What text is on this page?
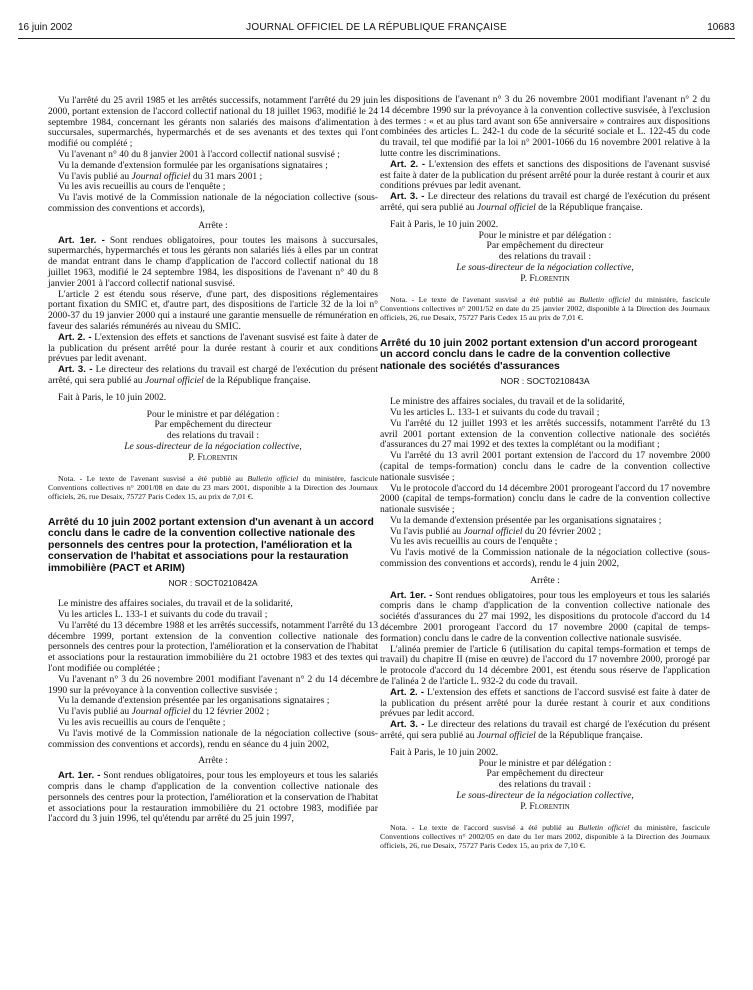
16 juin 2002	JOURNAL OFFICIEL DE LA RÉPUBLIQUE FRANÇAISE	10683

Vu l'arrêté du 25 avril 1985 et les arrêtés successifs, notamment l'arrêté du 29 juin 2000, portant extension de l'accord collectif national du 18 juillet 1963, modifié le 24 septembre 1984, concernant les gérants non salariés des maisons d'alimentation à succursales, supermarchés, hypermarchés et de ses avenants et des textes qui l'ont modifié ou complété ;

Vu l'avenant n° 40 du 8 janvier 2001 à l'accord collectif national susvisé ;

Vu la demande d'extension formulée par les organisations signataires ;

Vu l'avis publié au Journal officiel du 31 mars 2001 ;

Vu les avis recueillis au cours de l'enquête ;

Vu l'avis motivé de la Commission nationale de la négociation collective (sous-commission des conventions et accords),

Arrête :

Art. 1er. - Sont rendues obligatoires, pour toutes les maisons à succursales, supermarchés, hypermarchés et tous les gérants non salariés liés à elles par un contrat de mandat entrant dans le champ d'application de l'accord collectif national du 18 juillet 1963, modifié le 24 septembre 1984, les dispositions de l'avenant n° 40 du 8 janvier 2001 à l'accord collectif national susvisé.

L'article 2 est étendu sous réserve, d'une part, des dispositions réglementaires portant fixation du SMIC et, d'autre part, des dispositions de l'article 32 de la loi n° 2000-37 du 19 janvier 2000 qui a instauré une garantie mensuelle de rémunération en faveur des salariés rémunérés au niveau du SMIC.

Art. 2. - L'extension des effets et sanctions de l'avenant susvisé est faite à dater de la publication du présent arrêté pour la durée restant à courir et aux conditions prévues par ledit avenant.

Art. 3. - Le directeur des relations du travail est chargé de l'exécution du présent arrêté, qui sera publié au Journal officiel de la République française.

Fait à Paris, le 10 juin 2002.

Pour le ministre et par délégation :
Par empêchement du directeur
des relations du travail :
Le sous-directeur de la négociation collective,
P. Florentin

Nota. - Le texte de l'avenant susvisé a été publié au Bulletin officiel du ministère, fascicule Conventions collectives n° 2001/08 en date du 23 mars 2001, disponible à la Direction des Journaux officiels, 26, rue Desaix, 75727 Paris Cedex 15, au prix de 7,01 €.

Arrêté du 10 juin 2002 portant extension d'un avenant à un accord conclu dans le cadre de la convention collective nationale des personnels des centres pour la protection, l'amélioration et la conservation de l'habitat et associations pour la restauration immobilière (PACT et ARIM)

NOR : SOCT0210842A

Le ministre des affaires sociales, du travail et de la solidarité,

Vu les articles L. 133-1 et suivants du code du travail ;

Vu l'arrêté du 13 décembre 1988 et les arrêtés successifs, notamment l'arrêté du 13 décembre 1999, portant extension de la convention collective nationale des personnels des centres pour la protection, l'amélioration et la conservation de l'habitat et associations pour la restauration immobilière du 21 octobre 1983 et des textes qui l'ont modifiée ou complétée ;

Vu l'avenant n° 3 du 26 novembre 2001 modifiant l'avenant n° 2 du 14 décembre 1990 sur la prévoyance à la convention collective susvisée ;

Vu la demande d'extension présentée par les organisations signataires ;

Vu l'avis publié au Journal officiel du 12 février 2002 ;

Vu les avis recueillis au cours de l'enquête ;

Vu l'avis motivé de la Commission nationale de la négociation collective (sous-commission des conventions et accords), rendu en séance du 4 juin 2002,

Arrête :

Art. 1er. - Sont rendues obligatoires, pour tous les employeurs et tous les salariés compris dans le champ d'application de la convention collective nationale des personnels des centres pour la protection, l'amélioration et la conservation de l'habitat et associations pour la restauration immobilière du 21 octobre 1983, modifiée par l'accord du 3 juin 1996, tel qu'étendu par arrêté du 25 juin 1997,

les dispositions de l'avenant n° 3 du 26 novembre 2001 modifiant l'avenant n° 2 du 14 décembre 1990 sur la prévoyance à la convention collective susvisée, à l'exclusion des termes : « et au plus tard avant son 65e anniversaire » contraires aux dispositions combinées des articles L. 242-1 du code de la sécurité sociale et L. 122-45 du code du travail, tel que modifié par la loi n° 2001-1066 du 16 novembre 2001 relative à la lutte contre les discriminations.

Art. 2. - L'extension des effets et sanctions des dispositions de l'avenant susvisé est faite à dater de la publication du présent arrêté pour la durée restant à courir et aux conditions prévues par ledit avenant.

Art. 3. - Le directeur des relations du travail est chargé de l'exécution du présent arrêté, qui sera publié au Journal officiel de la République française.

Fait à Paris, le 10 juin 2002.

Pour le ministre et par délégation :
Par empêchement du directeur
des relations du travail :
Le sous-directeur de la négociation collective,
P. Florentin

Nota. - Le texte de l'avenant susvisé a été publié au Bulletin officiel du ministère, fascicule Conventions collectives n° 2001/52 en date du 25 janvier 2002, disponible à la Direction des Journaux officiels, 26, rue Desaix, 75727 Paris Cedex 15 au prix de 7,01 €.

Arrêté du 10 juin 2002 portant extension d'un accord prorogeant un accord conclu dans le cadre de la convention collective nationale des sociétés d'assurances

NOR : SOCT0210843A

Le ministre des affaires sociales, du travail et de la solidarité,

Vu les articles L. 133-1 et suivants du code du travail ;

Vu l'arrêté du 12 juillet 1993 et les arrêtés successifs, notamment l'arrêté du 13 avril 2001 portant extension de la convention collective nationale des sociétés d'assurances du 27 mai 1992 et des textes la complétant ou la modifiant ;

Vu l'arrêté du 13 avril 2001 portant extension de l'accord du 17 novembre 2000 (capital de temps-formation) conclu dans le cadre de la convention collective nationale susvisée ;

Vu le protocole d'accord du 14 décembre 2001 prorogeant l'accord du 17 novembre 2000 (capital de temps-formation) conclu dans le cadre de la convention collective nationale susvisée ;

Vu la demande d'extension présentée par les organisations signataires ;

Vu l'avis publié au Journal officiel du 20 février 2002 ;

Vu les avis recueillis au cours de l'enquête ;

Vu l'avis motivé de la Commission nationale de la négociation collective (sous-commission des conventions et accords), rendu le 4 juin 2002,

Arrête :

Art. 1er. - Sont rendues obligatoires, pour tous les employeurs et tous les salariés compris dans le champ d'application de la convention collective nationale des sociétés d'assurances du 27 mai 1992, les dispositions du protocole d'accord du 14 décembre 2001 prorogeant l'accord du 17 novembre 2000 (capital de temps-formation) conclu dans le cadre de la convention collective nationale susvisée.

L'alinéa premier de l'article 6 (utilisation du capital temps-formation et temps de travail) du chapitre II (mise en œuvre) de l'accord du 17 novembre 2000, prorogé par le protocole d'accord du 14 décembre 2001, est étendu sous réserve de l'application de l'alinéa 2 de l'article L. 932-2 du code du travail.

Art. 2. - L'extension des effets et sanctions de l'accord susvisé est faite à dater de la publication du présent arrêté pour la durée restant à courir et aux conditions prévues par ledit accord.

Art. 3. - Le directeur des relations du travail est chargé de l'exécution du présent arrêté, qui sera publié au Journal officiel de la République française.

Fait à Paris, le 10 juin 2002.

Pour le ministre et par délégation :
Par empêchement du directeur
des relations du travail :
Le sous-directeur de la négociation collective,
P. Florentin

Nota. - Le texte de l'accord susvisé a été publié au Bulletin officiel du ministère, fascicule Conventions collectives n° 2002/05 en date du 1er mars 2002, disponible à la Direction des Journaux officiels, 26, rue Desaix, 75727 Paris Cedex 15, au prix de 7,10 €.
